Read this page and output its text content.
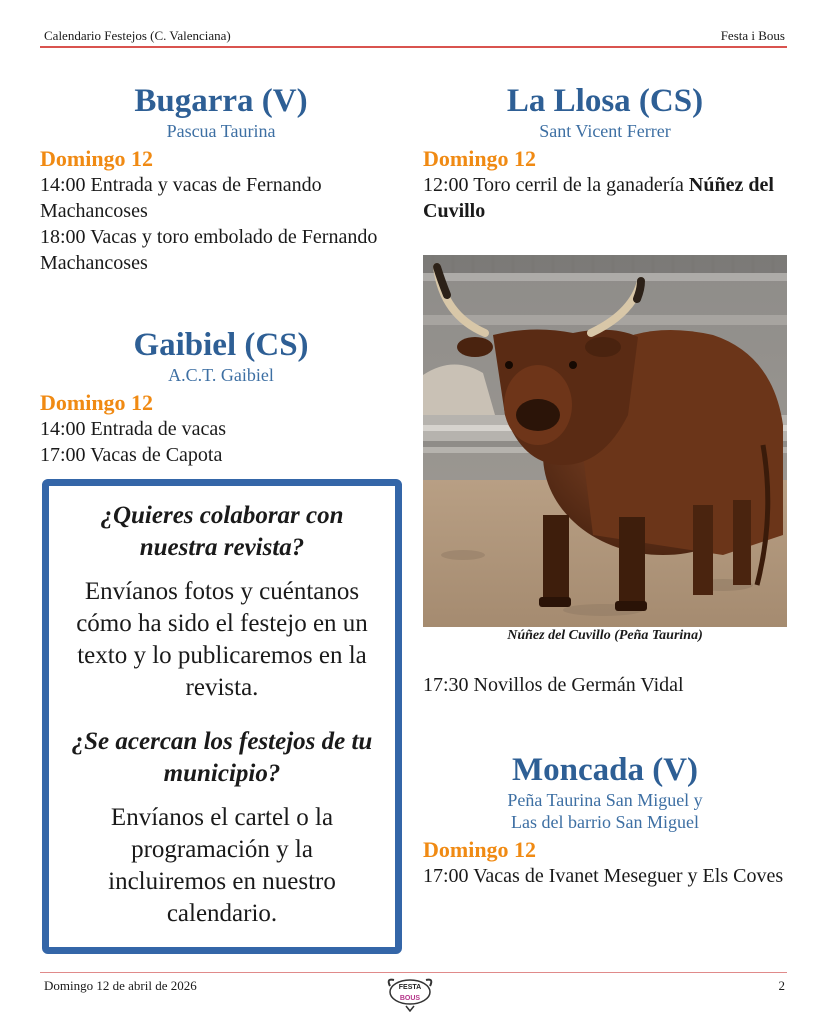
Calendario Festejos (C. Valenciana)	Festa i Bous
Bugarra (V)
Pascua Taurina
Domingo 12
14:00 Entrada y vacas de Fernando Machancoses
18:00 Vacas y toro embolado de Fernando Machancoses
Gaibiel (CS)
A.C.T. Gaibiel
Domingo 12
14:00 Entrada de vacas
17:00 Vacas de Capota
¿Quieres colaborar con nuestra revista?
Envíanos fotos y cuéntanos cómo ha sido el festejo en un texto y lo publicaremos en la revista.
¿Se acercan los festejos de tu municipio?
Envíanos el cartel o la programación y la incluiremos en nuestro calendario.
La Llosa (CS)
Sant Vicent Ferrer
Domingo 12
12:00 Toro cerril de la ganadería Núñez del Cuvillo
Núñez del Cuvillo (Peña Taurina)
17:30 Novillos de Germán Vidal
Moncada (V)
Peña Taurina San Miguel y
Las del barrio San Miguel
Domingo 12
17:00 Vacas de Ivanet Meseguer y Els Coves
Domingo 12 de abril de 2026	FESTA
BOUS
2
